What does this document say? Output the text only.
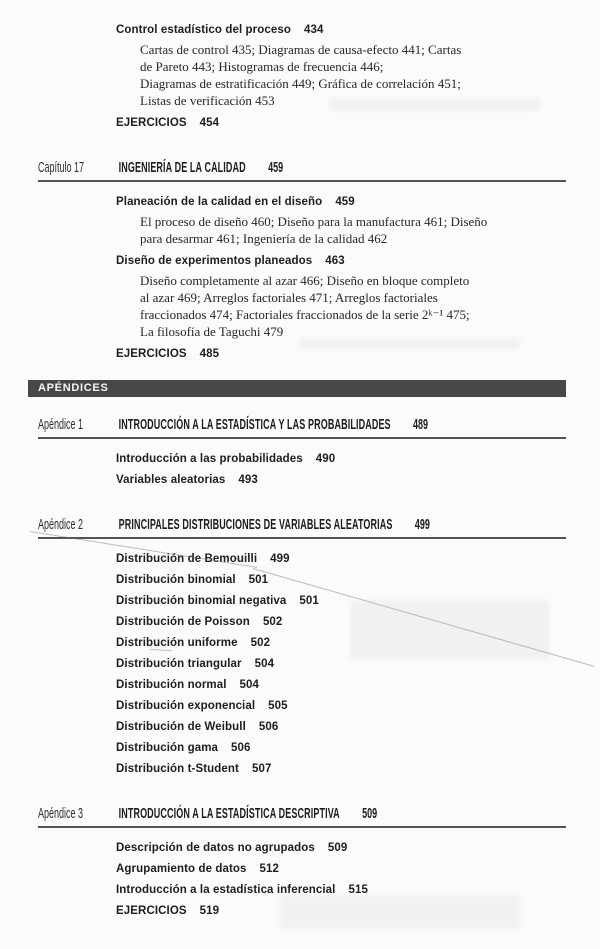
Control estadístico del proceso 434
Cartas de control 435; Diagramas de causa-efecto 441; Cartas
de Pareto 443; Histogramas de frecuencia 446;
Diagramas de estratificación 449; Gráfica de correlación 451;
Listas de verificación 453
EJERCICIOS 454
Capítulo 17 INGENIERÍA DE LA CALIDAD 459
Planeación de la calidad en el diseño 459
El proceso de diseño 460; Diseño para la manufactura 461; Diseño
para desarmar 461; Ingeniería de la calidad 462
Diseño de experimentos planeados 463
Diseño completamente al azar 466; Diseño en bloque completo
al azar 469; Arreglos factoriales 471; Arreglos factoriales
fraccionados 474; Factoriales fraccionados de la serie 2ᵏ⁻¹ 475;
La filosofía de Taguchi 479
EJERCICIOS 485
APÉNDICES
Apéndice 1 INTRODUCCIÓN A LA ESTADÍSTICA Y LAS PROBABILIDADES 489
Introducción a las probabilidades 490
Variables aleatorias 493
Apéndice 2 PRINCIPALES DISTRIBUCIONES DE VARIABLES ALEATORIAS 499
Distribución de Bemouilli 499
Distribución binomial 501
Distribución binomial negativa 501
Distribución de Poisson 502
Distribución uniforme 502
Distribución triangular 504
Distribución normal 504
Distribución exponencial 505
Distribución de Weibull 506
Distribución gama 506
Distribución t-Student 507
Apéndice 3 INTRODUCCIÓN A LA ESTADÍSTICA DESCRIPTIVA 509
Descripción de datos no agrupados 509
Agrupamiento de datos 512
Introducción a la estadística inferencial 515
EJERCICIOS 519
